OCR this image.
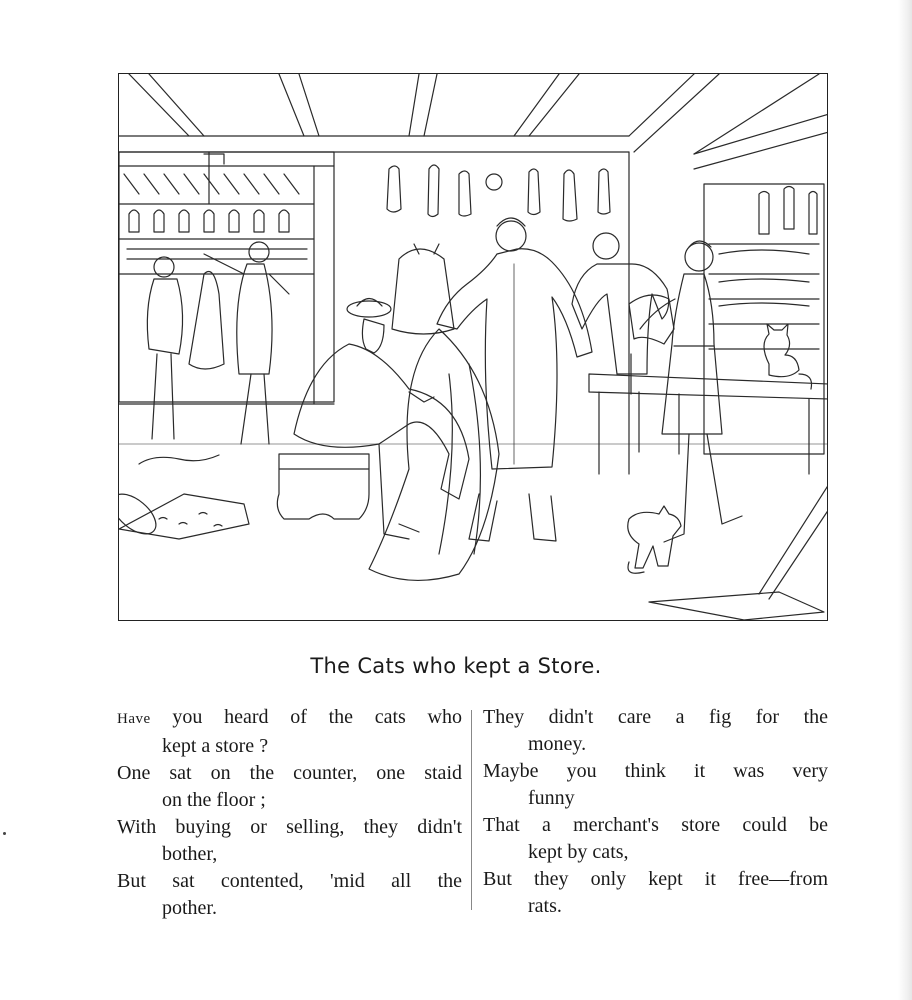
The Cats who kept a Store.
Have you heard of the cats who
kept a store ?
One sat on the counter, one staid
on the floor ;
With buying or selling, they didn't
bother,
But sat contented, 'mid all the
pother.
They didn't care a fig for the
money.
Maybe you think it was very
funny
That a merchant's store could be
kept by cats,
But they only kept it free—from
rats.
